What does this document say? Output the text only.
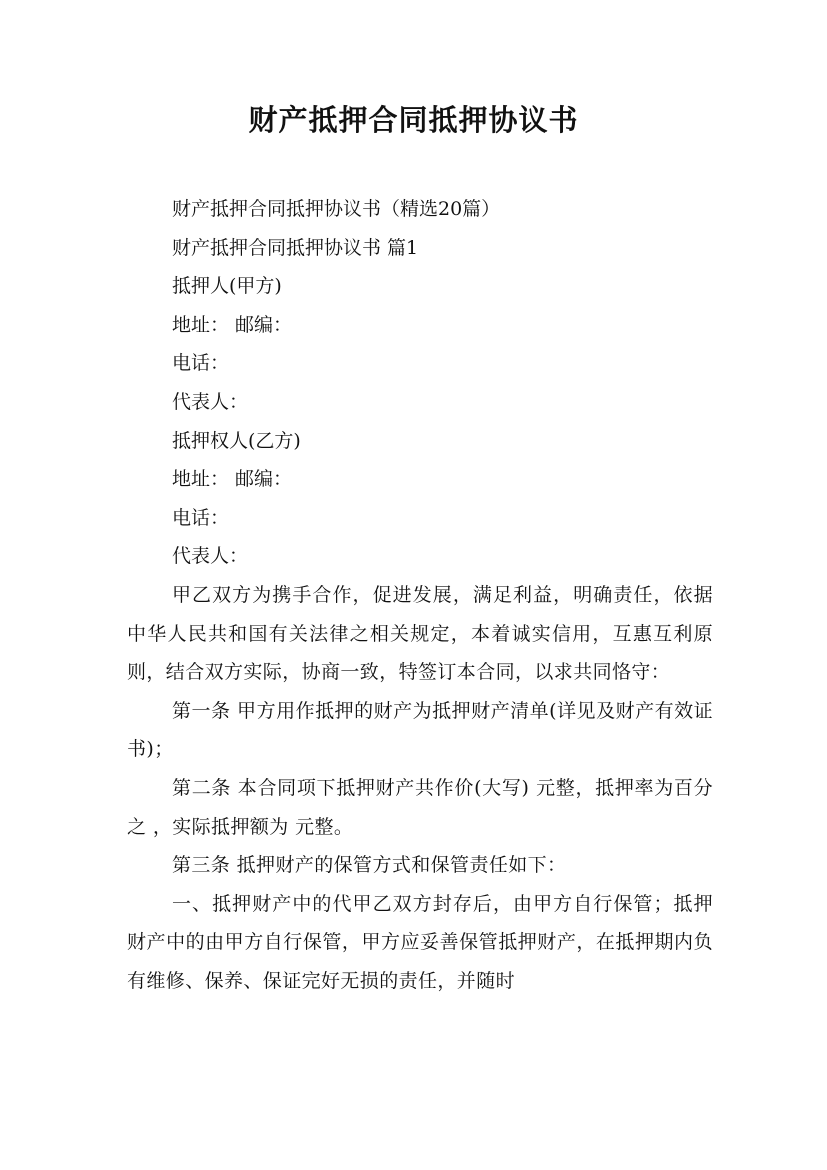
财产抵押合同抵押协议书

财产抵押合同抵押协议书（精选20篇）

财产抵押合同抵押协议书 篇1

抵押人(甲方)

地址： 邮编：

电话：

代表人：

抵押权人(乙方)

地址： 邮编：

电话：

代表人：

甲乙双方为携手合作，促进发展，满足利益，明确责任，依据中华人民共和国有关法律之相关规定，本着诚实信用，互惠互利原则，结合双方实际，协商一致，特签订本合同，以求共同恪守：

第一条 甲方用作抵押的财产为抵押财产清单(详见及财产有效证书)；

第二条 本合同项下抵押财产共作价(大写) 元整，抵押率为百分之 ，实际抵押额为 元整。

第三条 抵押财产的保管方式和保管责任如下：

一、抵押财产中的代甲乙双方封存后，由甲方自行保管；抵押财产中的由甲方自行保管，甲方应妥善保管抵押财产，在抵押期内负有维修、保养、保证完好无损的责任，并随时
